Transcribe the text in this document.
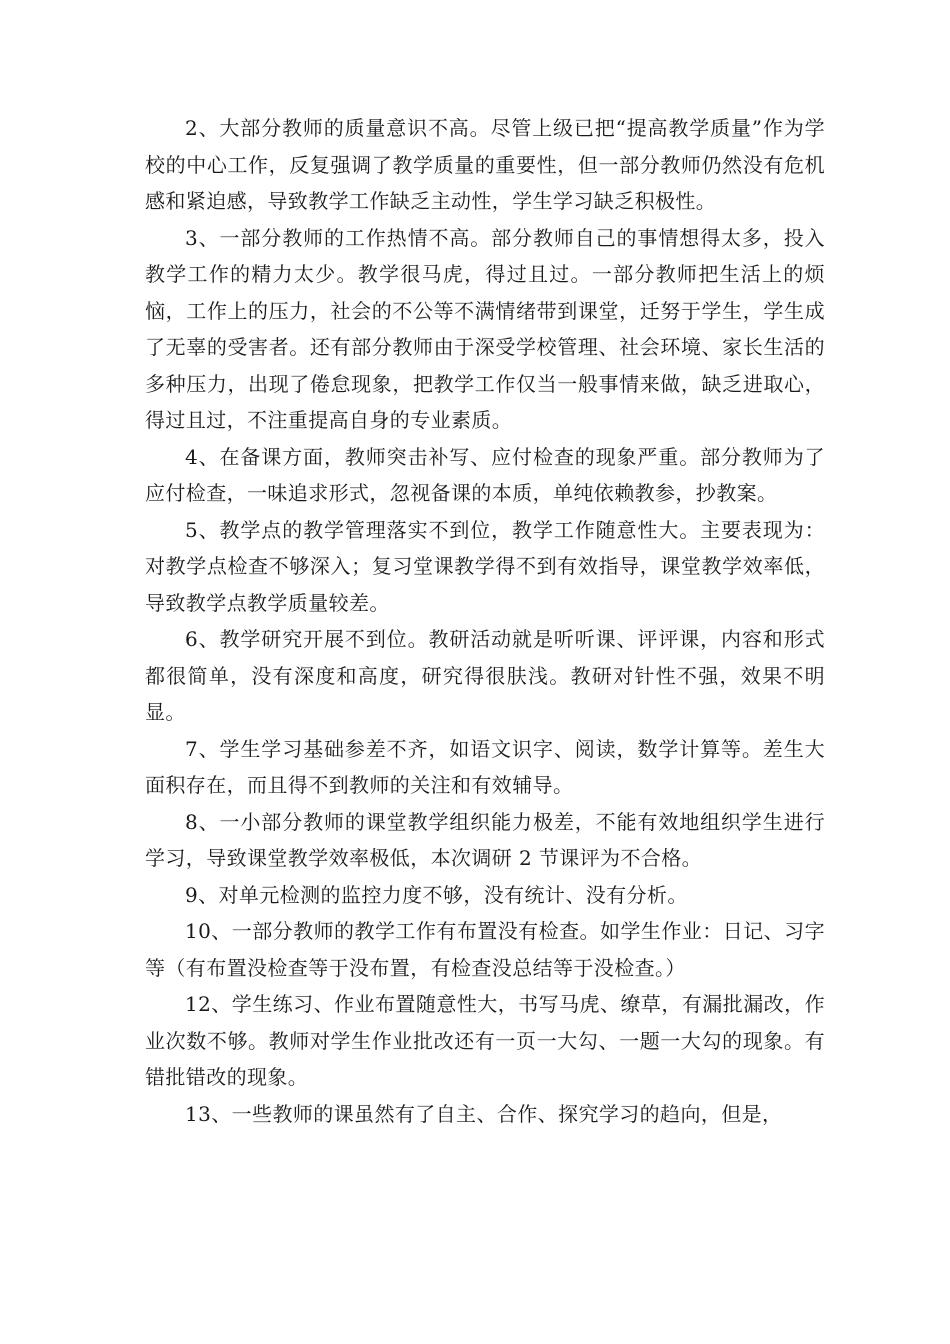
2、大部分教师的质量意识不高。尽管上级已把“提高教学质量”作为学校的中心工作，反复强调了教学质量的重要性，但一部分教师仍然没有危机感和紧迫感，导致教学工作缺乏主动性，学生学习缺乏积极性。

3、一部分教师的工作热情不高。部分教师自己的事情想得太多，投入教学工作的精力太少。教学很马虎，得过且过。一部分教师把生活上的烦恼，工作上的压力，社会的不公等不满情绪带到课堂，迁努于学生，学生成了无辜的受害者。还有部分教师由于深受学校管理、社会环境、家长生活的多种压力，出现了倦怠现象，把教学工作仅当一般事情来做，缺乏进取心，得过且过，不注重提高自身的专业素质。

4、在备课方面，教师突击补写、应付检查的现象严重。部分教师为了应付检查，一味追求形式，忽视备课的本质，单纯依赖教参，抄教案。

5、教学点的教学管理落实不到位，教学工作随意性大。主要表现为：对教学点检查不够深入；复习堂课教学得不到有效指导，课堂教学效率低，导致教学点教学质量较差。

6、教学研究开展不到位。教研活动就是听听课、评评课，内容和形式都很简单，没有深度和高度，研究得很肤浅。教研对针性不强，效果不明显。

7、学生学习基础参差不齐，如语文识字、阅读，数学计算等。差生大面积存在，而且得不到教师的关注和有效辅导。

8、一小部分教师的课堂教学组织能力极差，不能有效地组织学生进行学习，导致课堂教学效率极低，本次调研 2 节课评为不合格。

9、对单元检测的监控力度不够，没有统计、没有分析。

10、一部分教师的教学工作有布置没有检查。如学生作业：日记、习字等（有布置没检查等于没布置，有检查没总结等于没检查。）

12、学生练习、作业布置随意性大，书写马虎、缭草，有漏批漏改，作业次数不够。教师对学生作业批改还有一页一大勾、一题一大勾的现象。有错批错改的现象。

13、一些教师的课虽然有了自主、合作、探究学习的趋向，但是，
